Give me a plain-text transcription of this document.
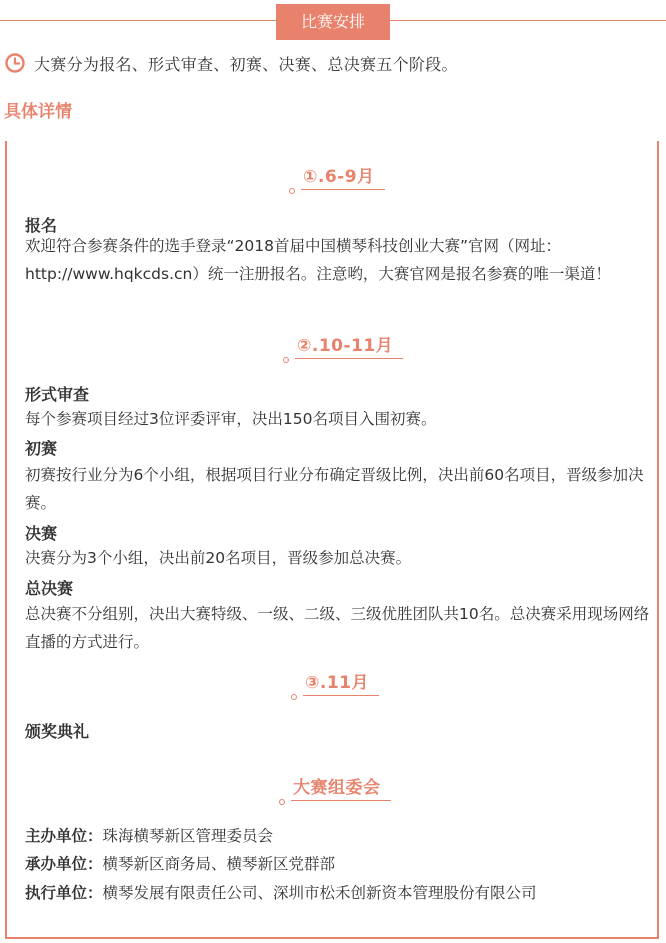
比赛安排
大赛分为报名、形式审查、初赛、决赛、总决赛五个阶段。
具体详情
①.6-9月
报名
欢迎符合参赛条件的选手登录“2018首届中国横琴科技创业大赛”官网（网址：http://www.hqkcds.cn）统一注册报名。注意哟，大赛官网是报名参赛的唯一渠道！
②.10-11月
形式审查
每个参赛项目经过3位评委评审，决出150名项目入围初赛。
初赛
初赛按行业分为6个小组，根据项目行业分布确定晋级比例，决出前60名项目，晋级参加决赛。
决赛
决赛分为3个小组，决出前20名项目，晋级参加总决赛。
总决赛
总决赛不分组别，决出大赛特级、一级、二级、三级优胜团队共10名。总决赛采用现场网络直播的方式进行。
③.11月
颁奖典礼
大赛组委会
主办单位：珠海横琴新区管理委员会
承办单位：横琴新区商务局、横琴新区党群部
执行单位：横琴发展有限责任公司、深圳市松禾创新资本管理股份有限公司
